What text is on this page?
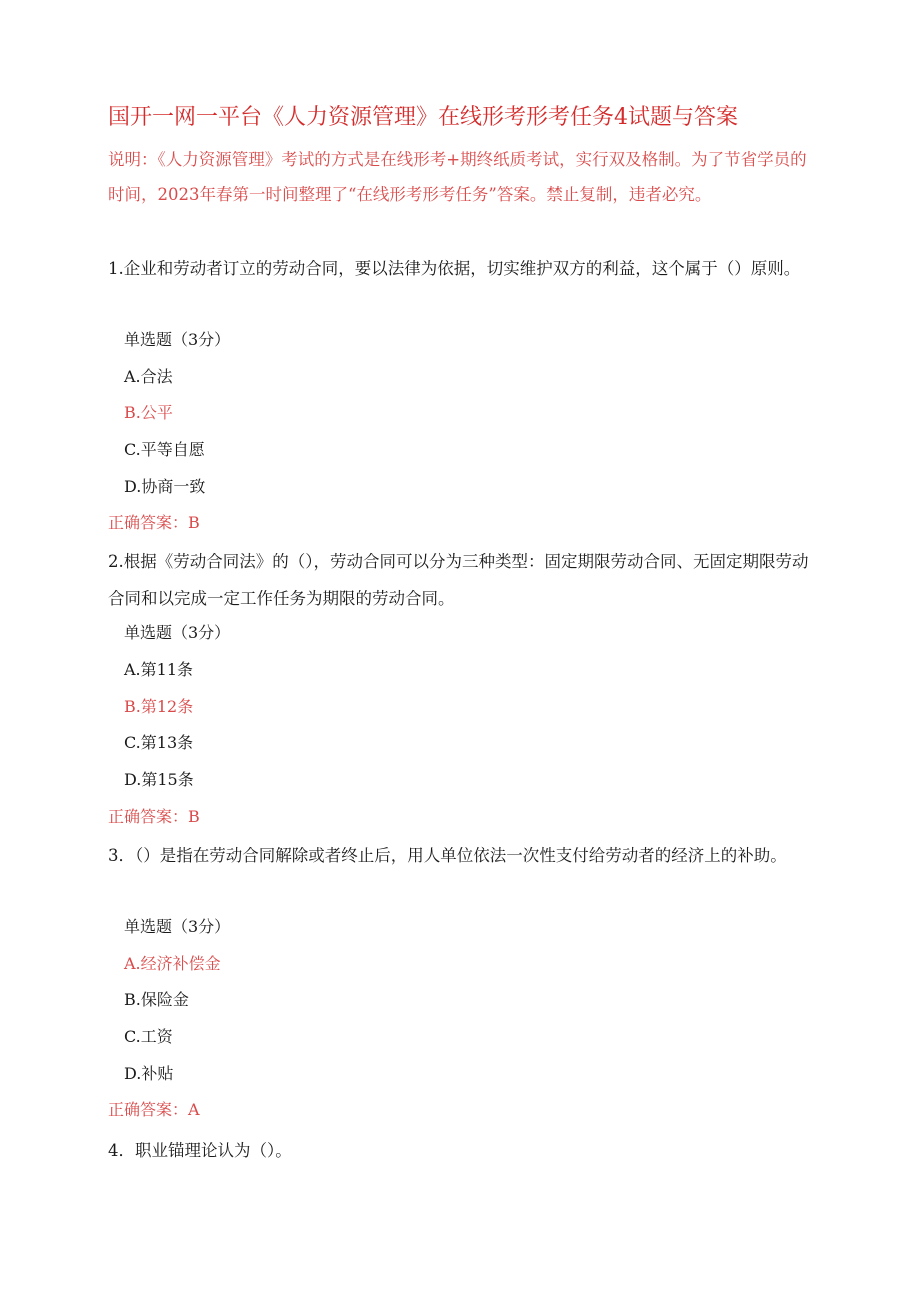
国开一网一平台《人力资源管理》在线形考形考任务4试题与答案
说明：《人力资源管理》考试的方式是在线形考+期终纸质考试，实行双及格制。为了节省学员的时间，2023年春第一时间整理了“在线形考形考任务”答案。禁止复制，违者必究。
1.企业和劳动者订立的劳动合同，要以法律为依据，切实维护双方的利益，这个属于（）原则。
单选题（3分）
A.合法
B.公平
C.平等自愿
D.协商一致
正确答案：B
2.根据《劳动合同法》的（），劳动合同可以分为三种类型：固定期限劳动合同、无固定期限劳动合同和以完成一定工作任务为期限的劳动合同。
单选题（3分）
A.第11条
B.第12条
C.第13条
D.第15条
正确答案：B
3．（）是指在劳动合同解除或者终止后，用人单位依法一次性支付给劳动者的经济上的补助。
单选题（3分）
A.经济补偿金
B.保险金
C.工资
D.补贴
正确答案：A
4．职业锚理论认为（）。
